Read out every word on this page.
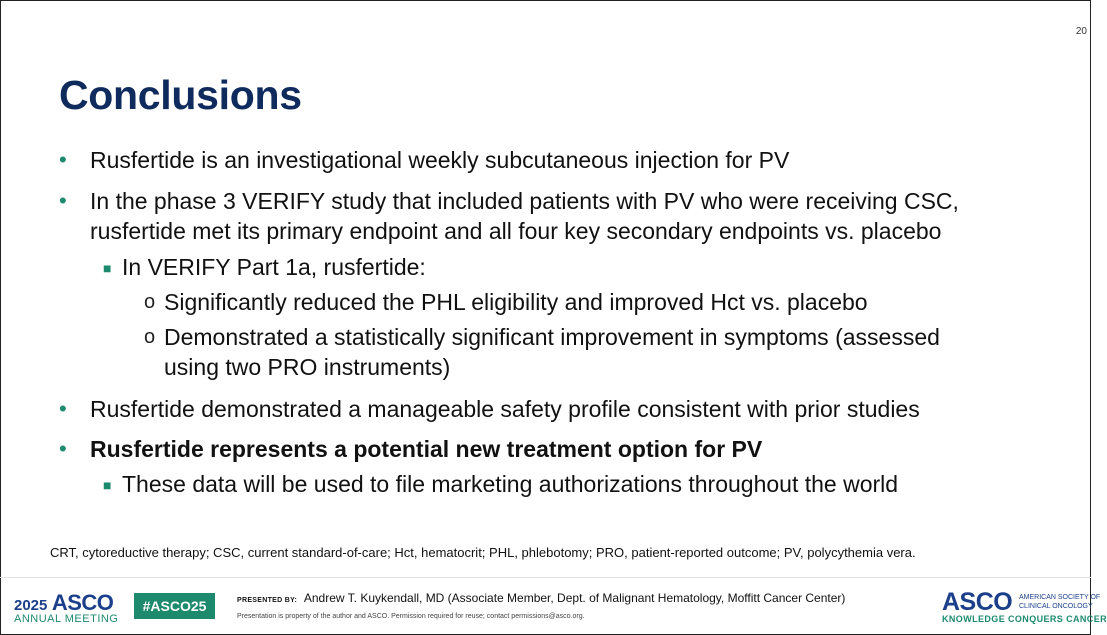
20
Conclusions
• Rusfertide is an investigational weekly subcutaneous injection for PV
• In the phase 3 VERIFY study that included patients with PV who were receiving CSC,
rusfertide met its primary endpoint and all four key secondary endpoints vs. placebo
■ In VERIFY Part 1a, rusfertide:
o Significantly reduced the PHL eligibility and improved Hct vs. placebo
o Demonstrated a statistically significant improvement in symptoms (assessed
using two PRO instruments)
• Rusfertide demonstrated a manageable safety profile consistent with prior studies
• Rusfertide represents a potential new treatment option for PV
■ These data will be used to file marketing authorizations throughout the world
CRT, cytoreductive therapy; CSC, current standard-of-care; Hct, hematocrit; PHL, phlebotomy; PRO, patient-reported outcome; PV, polycythemia vera.
2025 ASCO
ANNUAL MEETING
#ASCO25	PRESENTED BY: Andrew T. Kuykendall, MD (Associate Member, Dept. of Malignant Hematology, Moffitt Cancer Center)
Presentation is property of the author and ASCO. Permission required for reuse; contact permissions@asco.org.
ASCO AMERICAN SOCIETY OF
CLINICAL ONCOLOGY
KNOWLEDGE CONQUERS CANCER
